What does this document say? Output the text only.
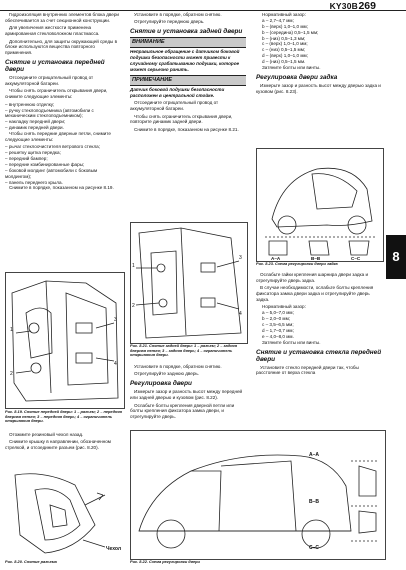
KY30B 269
8

Гидроизоляция внутренних элементов блока двери обеспечивается за счет секционной конструкции.

Для увеличения жесткости применена армированная стекловолокном пластмасса.

Дополнительно, для защиты окружающей среды в блоке используются вещества повторного применения.

Снятие и установка передней двери

Отсоедините отрицательный провод от аккумуляторной батареи.

Чтобы снять ограничитель открывания двери, снимите следующие элементы:

– внутреннюю отделку;

– ручку стеклоподъемника (автомобили с механическим стеклоподъемником);

– накладку передней двери;

– динамик передней двери.

Чтобы снять передние дверные петли, снимите следующие элементы:

– рычаг стеклоочистителя ветрового стекла;

– решетку щитка передка;

– передний бампер;

– передние комбинированные фары;

– боковой молдинг (автомобили с боковым молдингом);

– панель переднего крыла.

Снимите в порядке, показанном на рисунке 8.19.

1
2
3
4
Рис. 8.19. Снятие передней двери: 1 – разъем; 2 – передняя дверная петля; 3 – передняя дверь; 4 – ограничитель открывания двери.

Отожмите резиновый чехол назад.

Снимите крышку в направлении, обозначенном стрелкой, и отсоедините разъем (рис. 8.20).

Чехол
Рис. 8.20. Снятие разъема

Установите в порядке, обратном снятию.

Отрегулируйте переднюю дверь.

Снятие и установка задней двери
ВНИМАНИЕ

Неправильное обращение с датчиком боковой подушки безопасности может привести к случайному срабатыванию подушки, которое может серьезно ранить.

ПРИМЕЧАНИЕ

Датчик боковой подушки безопасности расположен в центральной стойке.

Отсоедините отрицательный провод от аккумуляторной батареи.

Чтобы снять ограничитель открывания двери, повторите динамик задней двери.

Снимите в порядке, показанном на рисунке 8.21.

1
2
3
4
Рис. 8.21. Снятие задней двери: 1 – разъем; 2 – задняя дверная петля; 3 – задняя дверь; 4 – ограничитель открывания двери.

Установите в порядке, обратном снятию.

Отрегулируйте заднюю дверь.

Регулировка двери

Измерьте зазор и разность высот между передней или задней дверью и кузовом (рис. 8.22).

Ослабьте болты крепления дверной петли или болты крепления фиксатора замка двери, и отрегулируйте дверь.

A–A
B–B
C–C
Рис. 8.22. Схема регулировки двери

Нормативный зазор:

a – 2,7–4,7 мм;

b – (верх) 1,0–1,0 мм;

b – (середина) 0,5–1,5 мм;

b – (низ) 0,5–1,3 мм;

c – (верх) 1,0–1,0 мм;

c – (низ) 0,5–1,5 мм;

d – (верх) 1,0–1,0 мм;

d – (низ) 0,5–1,5 мм.

Затяните болты или винты.

Регулировка двери задка

Измерьте зазор и разность высот между дверью задка и кузовом (рис. 8.23).

A–A	B–B	C–C
Рис. 8.23. Схема регулировки двери задка

Ослабьте гайки крепления шарнира двери задка и отрегулируйте дверь задка.

В случае необходимости, ослабьте болты крепления фиксатора замка двери задка и отрегулируйте дверь задка.

Нормативный зазор:

a – 5,0–7,0 мм;

b – 2,0–0 мм;

c – 3,5–6,5 мм;

d – 1,7–0,7 мм;

e – 4,0–8,0 мм.

Затяните болты или винты.

Снятие и установка стекла передней двери

Установите стекло передней двери так, чтобы расстояние от верха стекла
